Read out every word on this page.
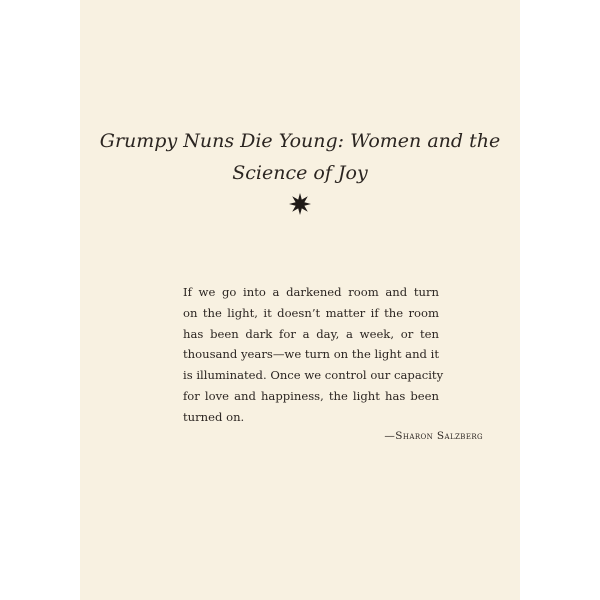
Grumpy Nuns Die Young: Women and the
Science of Joy
If we go into a darkened room and turn
on the light, it doesn’t matter if the room
has been dark for a day, a week, or ten
thousand years—we turn on the light and it
is illuminated. Once we control our capacity
for love and happiness, the light has been
turned on.
—Sharon Salzberg
